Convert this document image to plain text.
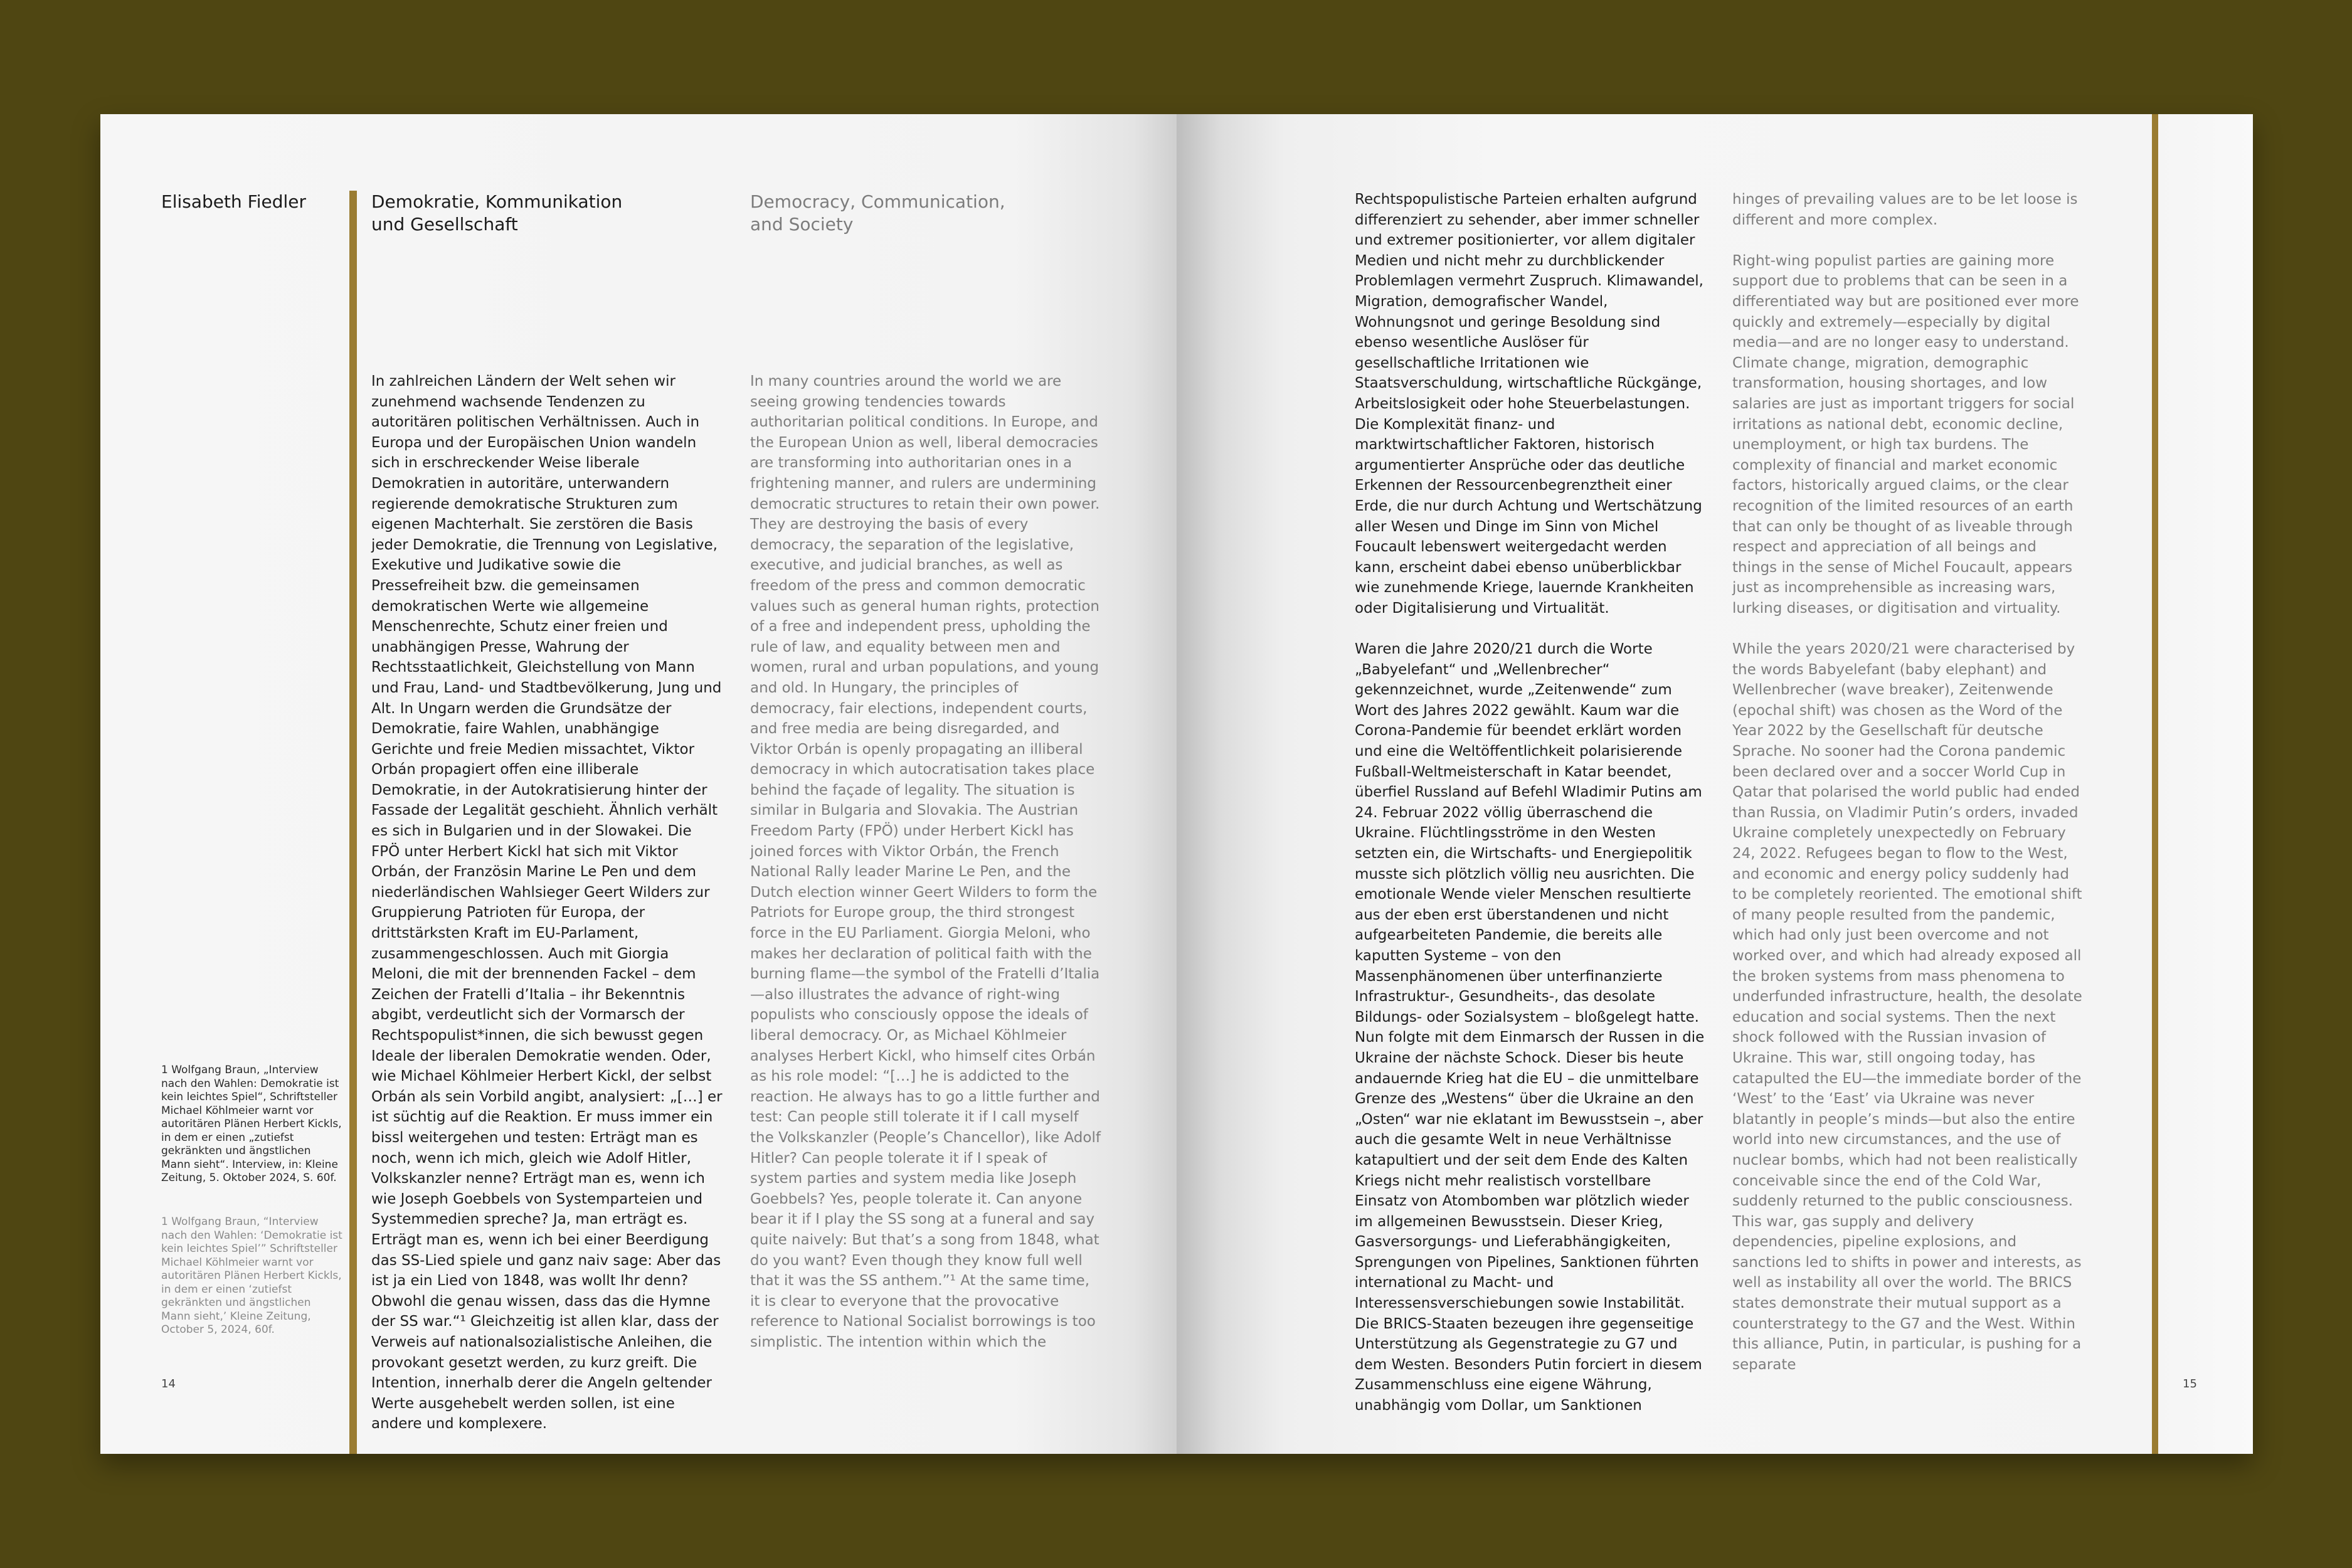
Elisabeth Fiedler	Demokratie, Kommunikation
und Gesellschaft
Democracy, Communication,
and Society

In zahlreichen Ländern der Welt sehen wir zunehmend wachsende Tendenzen zu autoritären politischen Verhältnissen. Auch in Europa und der Europäischen Union wandeln sich in erschreckender Weise liberale Demokratien in autoritäre, unterwandern regierende demokratische Strukturen zum eigenen Machterhalt. Sie zerstören die Basis jeder Demokratie, die Trennung von Legislative, Exekutive und Judikative sowie die Pressefreiheit bzw. die gemeinsamen demokratischen Werte wie allgemeine Menschenrechte, Schutz einer freien und unabhängigen Presse, Wahrung der Rechtsstaatlichkeit, Gleichstellung von Mann und Frau, Land- und Stadtbevölkerung, Jung und Alt. In Ungarn werden die Grundsätze der Demokratie, faire Wahlen, unabhängige Gerichte und freie Medien missachtet, Viktor Orbán propagiert offen eine illiberale Demokratie, in der Autokratisierung hinter der Fassade der Legalität geschieht. Ähnlich verhält es sich in Bulgarien und in der Slowakei. Die FPÖ unter Herbert Kickl hat sich mit Viktor Orbán, der Französin Marine Le Pen und dem niederländischen Wahlsieger Geert Wilders zur Gruppierung Patrioten für Europa, der drittstärksten Kraft im EU-Parlament, zusammengeschlossen. Auch mit Giorgia Meloni, die mit der brennenden Fackel – dem Zeichen der Fratelli d’Italia – ihr Bekenntnis abgibt, verdeutlicht sich der Vormarsch der Rechtspopulist*innen, die sich bewusst gegen Ideale der liberalen Demokratie wenden. Oder, wie Michael Köhlmeier Herbert Kickl, der selbst Orbán als sein Vorbild angibt, analysiert: „[…] er ist süchtig auf die Reaktion. Er muss immer ein bissl weitergehen und testen: Erträgt man es noch, wenn ich mich, gleich wie Adolf Hitler, Volkskanzler nenne? Erträgt man es, wenn ich wie Joseph Goebbels von Systemparteien und Systemmedien spreche? Ja, man erträgt es. Erträgt man es, wenn ich bei einer Beerdigung das SS-Lied spiele und ganz naiv sage: Aber das ist ja ein Lied von 1848, was wollt Ihr denn? Obwohl die genau wissen, dass das die Hymne der SS war.“¹ Gleichzeitig ist allen klar, dass der Verweis auf nationalsozialistische Anleihen, die provokant gesetzt werden, zu kurz greift. Die Intention, innerhalb derer die Angeln geltender Werte ausgehebelt werden sollen, ist eine andere und komplexere.

In many countries around the world we are seeing growing tendencies towards authoritarian political conditions. In Europe, and the European Union as well, liberal democracies are transforming into authoritarian ones in a frightening manner, and rulers are undermining democratic structures to retain their own power. They are destroying the basis of every democracy, the separation of the legislative, executive, and judicial branches, as well as freedom of the press and common democratic values such as general human rights, protection of a free and independent press, upholding the rule of law, and equality between men and women, rural and urban populations, and young and old. In Hungary, the principles of democracy, fair elections, independent courts, and free media are being disregarded, and Viktor Orbán is openly propagating an illiberal democracy in which autocratisation takes place behind the façade of legality. The situation is similar in Bulgaria and Slovakia. The Austrian Freedom Party (FPÖ) under Herbert Kickl has joined forces with Viktor Orbán, the French National Rally leader Marine Le Pen, and the Dutch election winner Geert Wilders to form the Patriots for Europe group, the third strongest force in the EU Parliament. Giorgia Meloni, who makes her declaration of political faith with the burning flame—the symbol of the Fratelli d’Italia—also illustrates the advance of right-wing populists who consciously oppose the ideals of liberal democracy. Or, as Michael Köhlmeier analyses Herbert Kickl, who himself cites Orbán as his role model: “[…] he is addicted to the reaction. He always has to go a little further and test: Can people still tolerate it if I call myself the Volkskanzler (People’s Chancellor), like Adolf Hitler? Can people tolerate it if I speak of system parties and system media like Joseph Goebbels? Yes, people tolerate it. Can anyone bear it if I play the SS song at a funeral and say quite naively: But that’s a song from 1848, what do you want? Even though they know full well that it was the SS anthem.”¹ At the same time, it is clear to everyone that the provocative reference to National Socialist borrowings is too simplistic. The intention within which the

1 Wolfgang Braun, „Interview nach den Wahlen: Demokratie ist kein leichtes Spiel“, Schriftsteller Michael Köhlmeier warnt vor autoritären Plänen Herbert Kickls, in dem er einen „zutiefst gekränkten und ängstlichen Mann sieht“. Interview, in: Kleine Zeitung, 5. Oktober 2024, S. 60f.
1 Wolfgang Braun, “Interview nach den Wahlen: ‘Demokratie ist kein leichtes Spiel’” Schriftsteller Michael Köhlmeier warnt vor autoritären Plänen Herbert Kickls, in dem er einen ‘zutiefst gekränkten und ängstlichen Mann sieht,’ Kleine Zeitung, October 5, 2024, 60f.
14

Rechtspopulistische Parteien erhalten aufgrund differenziert zu sehender, aber immer schneller und extremer positionierter, vor allem digitaler Medien und nicht mehr zu durchblickender Problemlagen vermehrt Zuspruch. Klimawandel, Migration, demografischer Wandel, Wohnungsnot und geringe Besoldung sind ebenso wesentliche Auslöser für gesellschaftliche Irritationen wie Staatsverschuldung, wirtschaftliche Rückgänge, Arbeitslosigkeit oder hohe Steuerbelastungen. Die Komplexität finanz- und marktwirtschaftlicher Faktoren, historisch argumentierter Ansprüche oder das deutliche Erkennen der Ressourcenbegrenztheit einer Erde, die nur durch Achtung und Wertschätzung aller Wesen und Dinge im Sinn von Michel Foucault lebenswert weitergedacht werden kann, erscheint dabei ebenso unüberblickbar wie zunehmende Kriege, lauernde Krankheiten oder Digitalisierung und Virtualität.

Waren die Jahre 2020/21 durch die Worte „Babyelefant“ und „Wellenbrecher“ gekennzeichnet, wurde „Zeitenwende“ zum Wort des Jahres 2022 gewählt. Kaum war die Corona-Pandemie für beendet erklärt worden und eine die Weltöffentlichkeit polarisierende Fußball-Weltmeisterschaft in Katar beendet, überfiel Russland auf Befehl Wladimir Putins am 24. Februar 2022 völlig überraschend die Ukraine. Flüchtlingsströme in den Westen setzten ein, die Wirtschafts- und Energiepolitik musste sich plötzlich völlig neu ausrichten. Die emotionale Wende vieler Menschen resultierte aus der eben erst überstandenen und nicht aufgearbeiteten Pandemie, die bereits alle kaputten Systeme – von den Massenphänomenen über unterfinanzierte Infrastruktur-, Gesundheits-, das desolate Bildungs- oder Sozialsystem – bloßgelegt hatte. Nun folgte mit dem Einmarsch der Russen in die Ukraine der nächste Schock. Dieser bis heute andauernde Krieg hat die EU – die unmittelbare Grenze des „Westens“ über die Ukraine an den „Osten“ war nie eklatant im Bewusstsein –, aber auch die gesamte Welt in neue Verhältnisse katapultiert und der seit dem Ende des Kalten Kriegs nicht mehr realistisch vorstellbare Einsatz von Atombomben war plötzlich wieder im allgemeinen Bewusstsein. Dieser Krieg, Gasversorgungs- und Lieferabhängigkeiten, Sprengungen von Pipelines, Sanktionen führten international zu Macht- und Interessensverschiebungen sowie Instabilität. Die BRICS-Staaten bezeugen ihre gegenseitige Unterstützung als Gegenstrategie zu G7 und dem Westen. Besonders Putin forciert in diesem Zusammenschluss eine eigene Währung, unabhängig vom Dollar, um Sanktionen

hinges of prevailing values are to be let loose is different and more complex.

Right-wing populist parties are gaining more support due to problems that can be seen in a differentiated way but are positioned ever more quickly and extremely—especially by digital media—and are no longer easy to understand. Climate change, migration, demographic transformation, housing shortages, and low salaries are just as important triggers for social irritations as national debt, economic decline, unemployment, or high tax burdens. The complexity of financial and market economic factors, historically argued claims, or the clear recognition of the limited resources of an earth that can only be thought of as liveable through respect and appreciation of all beings and things in the sense of Michel Foucault, appears just as incomprehensible as increasing wars, lurking diseases, or digitisation and virtuality.

While the years 2020/21 were characterised by the words Babyelefant (baby elephant) and Wellenbrecher (wave breaker), Zeitenwende (epochal shift) was chosen as the Word of the Year 2022 by the Gesellschaft für deutsche Sprache. No sooner had the Corona pandemic been declared over and a soccer World Cup in Qatar that polarised the world public had ended than Russia, on Vladimir Putin’s orders, invaded Ukraine completely unexpectedly on February 24, 2022. Refugees began to flow to the West, and economic and energy policy suddenly had to be completely reoriented. The emotional shift of many people resulted from the pandemic, which had only just been overcome and not worked over, and which had already exposed all the broken systems from mass phenomena to underfunded infrastructure, health, the desolate education and social systems. Then the next shock followed with the Russian invasion of Ukraine. This war, still ongoing today, has catapulted the EU—the immediate border of the ‘West’ to the ‘East’ via Ukraine was never blatantly in people’s minds—but also the entire world into new circumstances, and the use of nuclear bombs, which had not been realistically conceivable since the end of the Cold War, suddenly returned to the public consciousness. This war, gas supply and delivery dependencies, pipeline explosions, and sanctions led to shifts in power and interests, as well as instability all over the world. The BRICS states demonstrate their mutual support as a counterstrategy to the G7 and the West. Within this alliance, Putin, in particular, is pushing for a separate

15
